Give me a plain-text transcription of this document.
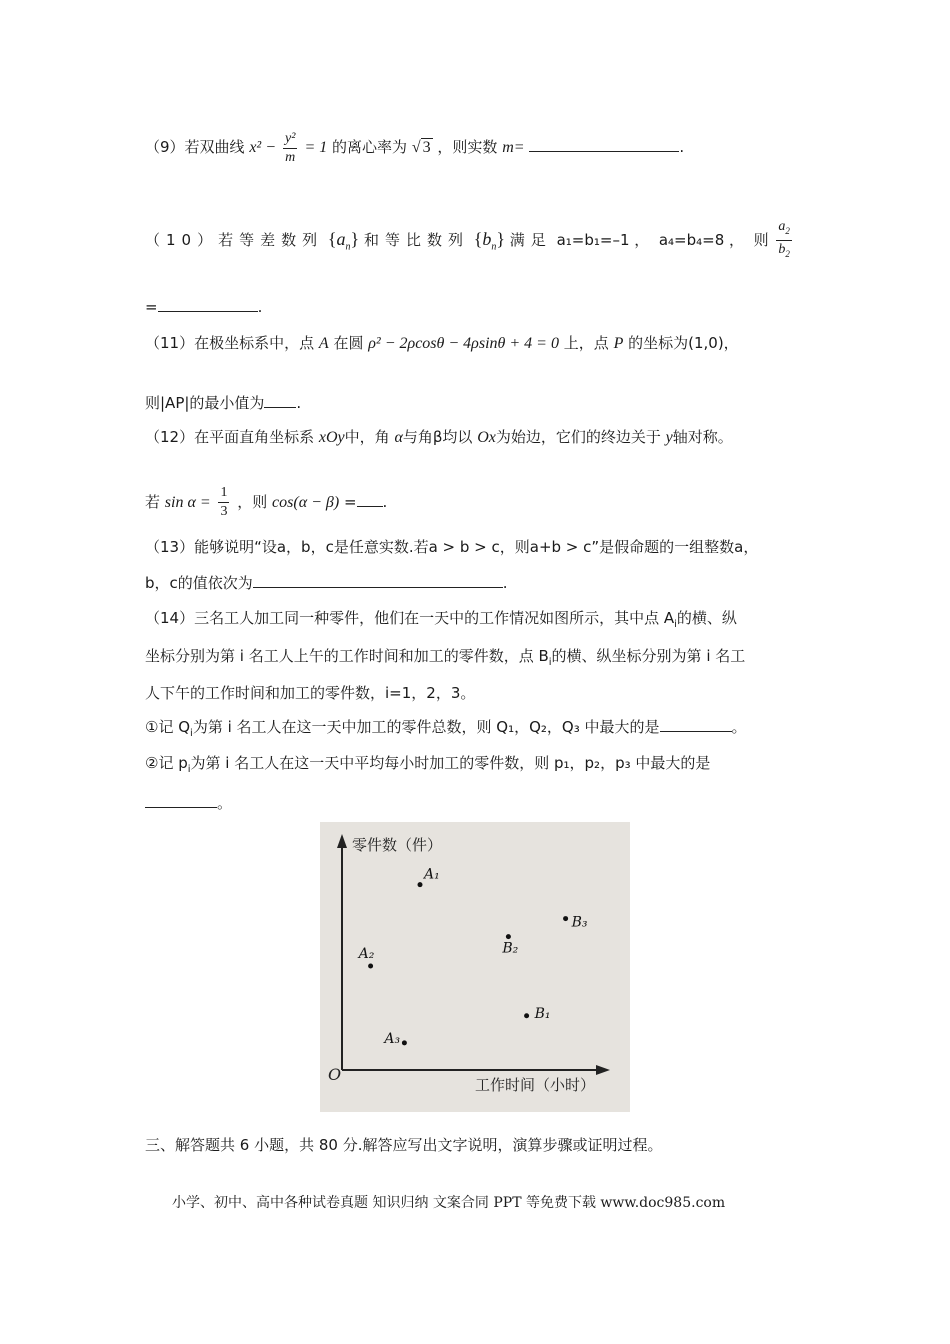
（9）若双曲线 $x^2 - \frac{\text{y²}}{m} = 1$ 的离心率为 √ 3 ，则实数 m=	.
（10）若等差数列 $\{a_n\}$ 和等比数列 $\{b_n\}$ 满足 a₁=b₁=–1 ，  a₄=b₄=8 ，  则 $\frac{a_2}{b_2}$
=	.
（11）在极坐标系中，点 A 在圆 ρ² − 2ρcosθ − 4ρsinθ + 4 = 0 上，点 P 的坐标为(1,0)，
则|AP|的最小值为 .
（12）在平面直角坐标系 xOy中，角 α与角β均以 Ox为始边，它们的终边关于 y轴对称。
若 $\sin \alpha = \frac{1}{3}$ ，则 cos(α − β) = .
（13）能够说明“设a，b，c是任意实数.若a > b > c，则a+b > c”是假命题的一组整数a，
b，c的值依次为	.
（14）三名工人加工同一种零件，他们在一天中的工作情况如图所示，其中点 $A_i$的横、纵
坐标分别为第 i 名工人上午的工作时间和加工的零件数，点 $B_i$的横、纵坐标分别为第 i 名工
人下午的工作时间和加工的零件数，i=1，2，3。
①记 $Q_i$为第 i 名工人在这一天中加工的零件总数，则 Q₁，Q₂，Q₃ 中最大的是	。
②记 $p_i$为第 i 名工人在这一天中平均每小时加工的零件数，则 p₁，p₂，p₃ 中最大的是
。
零件数（件）
工作时间（小时）
O
A₁
A₂
A₃
B₁
B₂
B₃
三、解答题共 6 小题，共 80 分.解答应写出文字说明，演算步骤或证明过程。
小学、初中、高中各种试卷真题 知识归纳 文案合同 PPT 等免费下载 www.doc985.com
